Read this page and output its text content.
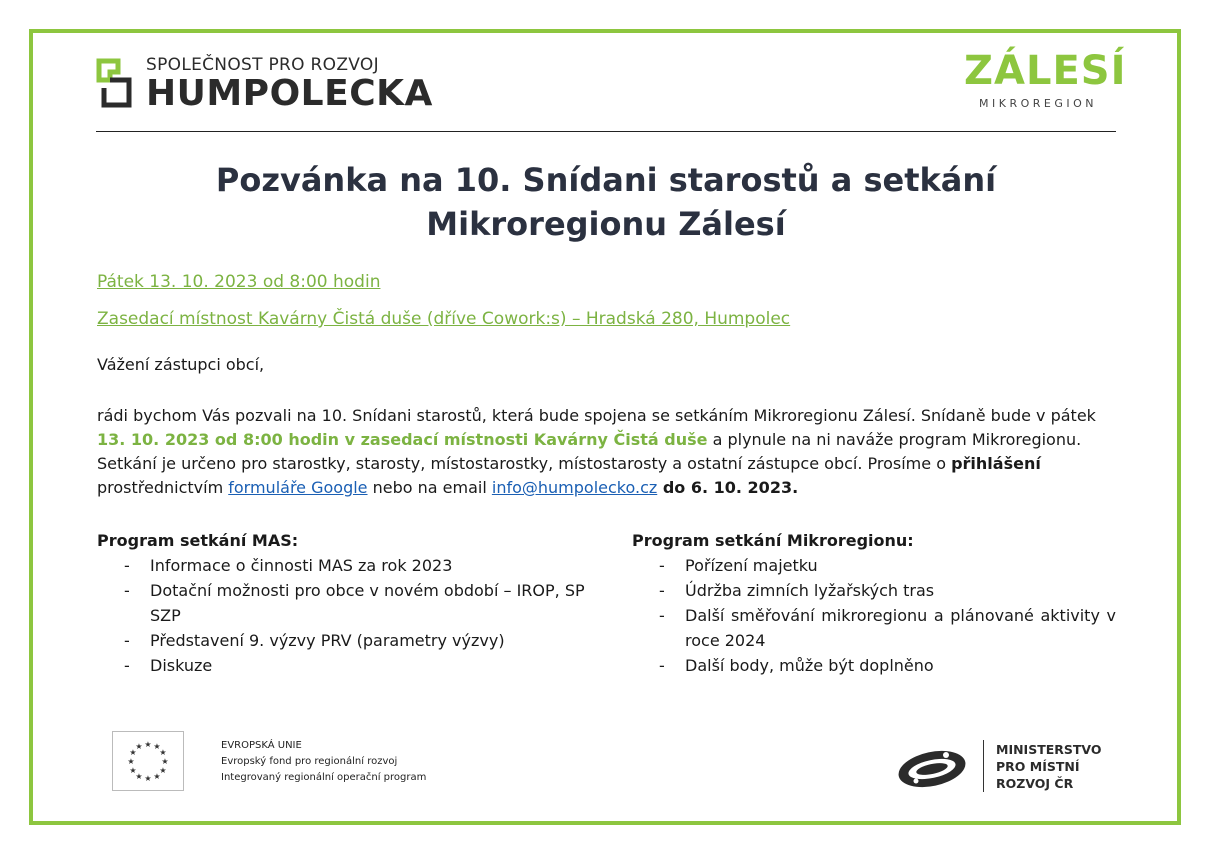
SPOLEČNOST PRO ROZVOJ
HUMPOLECKA	ZÁLESÍ
MIKROREGION
Pozvánka na 10. Snídani starostů a setkání Mikroregionu Zálesí
Pátek 13. 10. 2023 od 8:00 hodin
Zasedací místnost Kavárny Čistá duše (dříve Cowork:s) – Hradská 280, Humpolec
Vážení zástupci obcí,
rádi bychom Vás pozvali na 10. Snídani starostů, která bude spojena se setkáním Mikroregionu Zálesí. Snídaně bude v pátek 13. 10. 2023 od 8:00 hodin v zasedací místnosti Kavárny Čistá duše a plynule na ni naváže program Mikroregionu. Setkání je určeno pro starostky, starosty, místostarostky, místostarosty a ostatní zástupce obcí. Prosíme o přihlášení prostřednictvím formuláře Google nebo na email info@humpolecko.cz do 6. 10. 2023.
Program setkání MAS:
- Informace o činnosti MAS za rok 2023
- Dotační možnosti pro obce v novém období – IROP, SP SZP
- Představení 9. výzvy PRV (parametry výzvy)
- Diskuze
Program setkání Mikroregionu:
- Pořízení majetku
- Údržba zimních lyžařských tras
- Další směřování mikroregionu a plánované aktivity v roce 2024
- Další body, může být doplněno
★ ★
★
★
★
★
★
★
★
★
★
★	EVROPSKÁ UNIE
Evropský fond pro regionální rozvoj
Integrovaný regionální operační program
MINISTERSTVO
PRO MÍSTNÍ
ROZVOJ ČR
